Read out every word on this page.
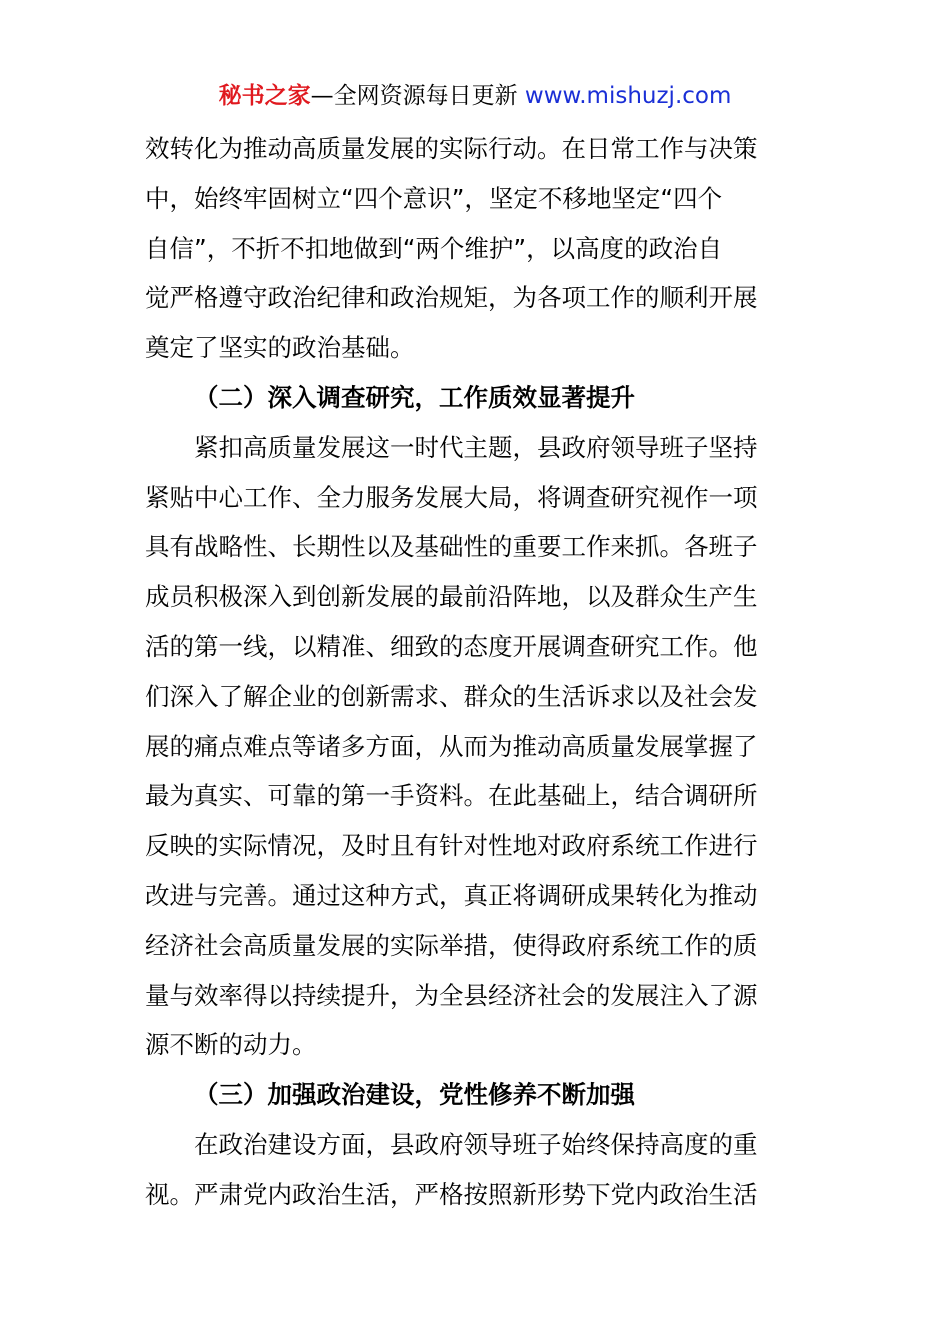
秘书之家—全网资源每日更新 www.mishuzj.com
效转化为推动高质量发展的实际行动。在日常工作与决策
中，始终牢固树立“四个意识”，坚定不移地坚定“四个
自信”，不折不扣地做到“两个维护”，以高度的政治自
觉严格遵守政治纪律和政治规矩，为各项工作的顺利开展
奠定了坚实的政治基础。
（二）深入调查研究，工作质效显著提升
紧扣高质量发展这一时代主题，县政府领导班子坚持
紧贴中心工作、全力服务发展大局，将调查研究视作一项
具有战略性、长期性以及基础性的重要工作来抓。各班子
成员积极深入到创新发展的最前沿阵地，以及群众生产生
活的第一线，以精准、细致的态度开展调查研究工作。他
们深入了解企业的创新需求、群众的生活诉求以及社会发
展的痛点难点等诸多方面，从而为推动高质量发展掌握了
最为真实、可靠的第一手资料。在此基础上，结合调研所
反映的实际情况，及时且有针对性地对政府系统工作进行
改进与完善。通过这种方式，真正将调研成果转化为推动
经济社会高质量发展的实际举措，使得政府系统工作的质
量与效率得以持续提升，为全县经济社会的发展注入了源
源不断的动力。
（三）加强政治建设，党性修养不断加强
在政治建设方面，县政府领导班子始终保持高度的重
视。严肃党内政治生活，严格按照新形势下党内政治生活
